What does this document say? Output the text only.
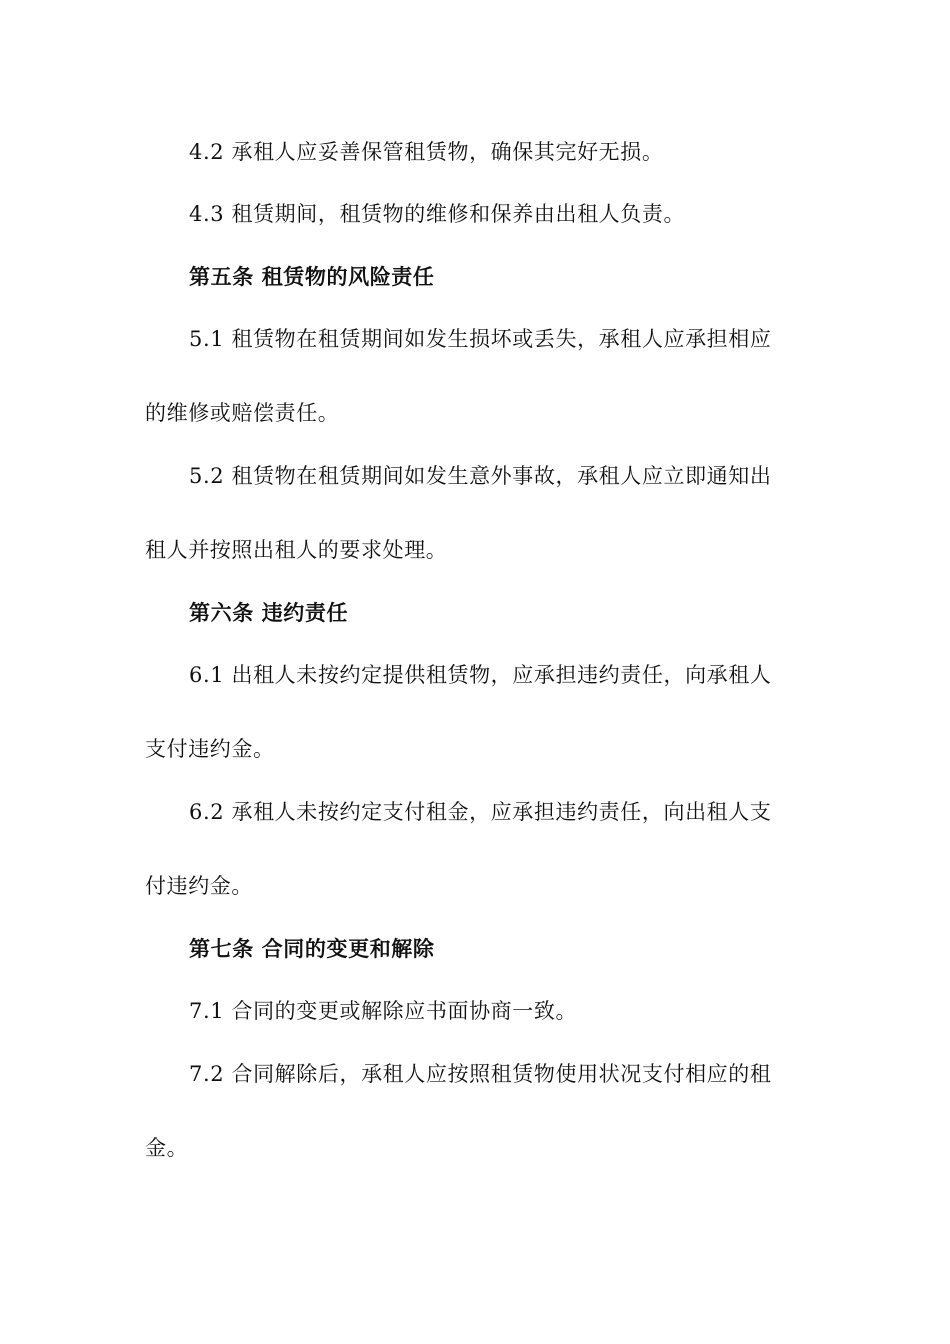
4.2 承租人应妥善保管租赁物，确保其完好无损。
4.3 租赁期间，租赁物的维修和保养由出租人负责。
第五条 租赁物的风险责任
5.1 租赁物在租赁期间如发生损坏或丢失，承租人应承担相应
的维修或赔偿责任。
5.2 租赁物在租赁期间如发生意外事故，承租人应立即通知出
租人并按照出租人的要求处理。
第六条 违约责任
6.1 出租人未按约定提供租赁物，应承担违约责任，向承租人
支付违约金。
6.2 承租人未按约定支付租金，应承担违约责任，向出租人支
付违约金。
第七条 合同的变更和解除
7.1 合同的变更或解除应书面协商一致。
7.2 合同解除后，承租人应按照租赁物使用状况支付相应的租
金。
